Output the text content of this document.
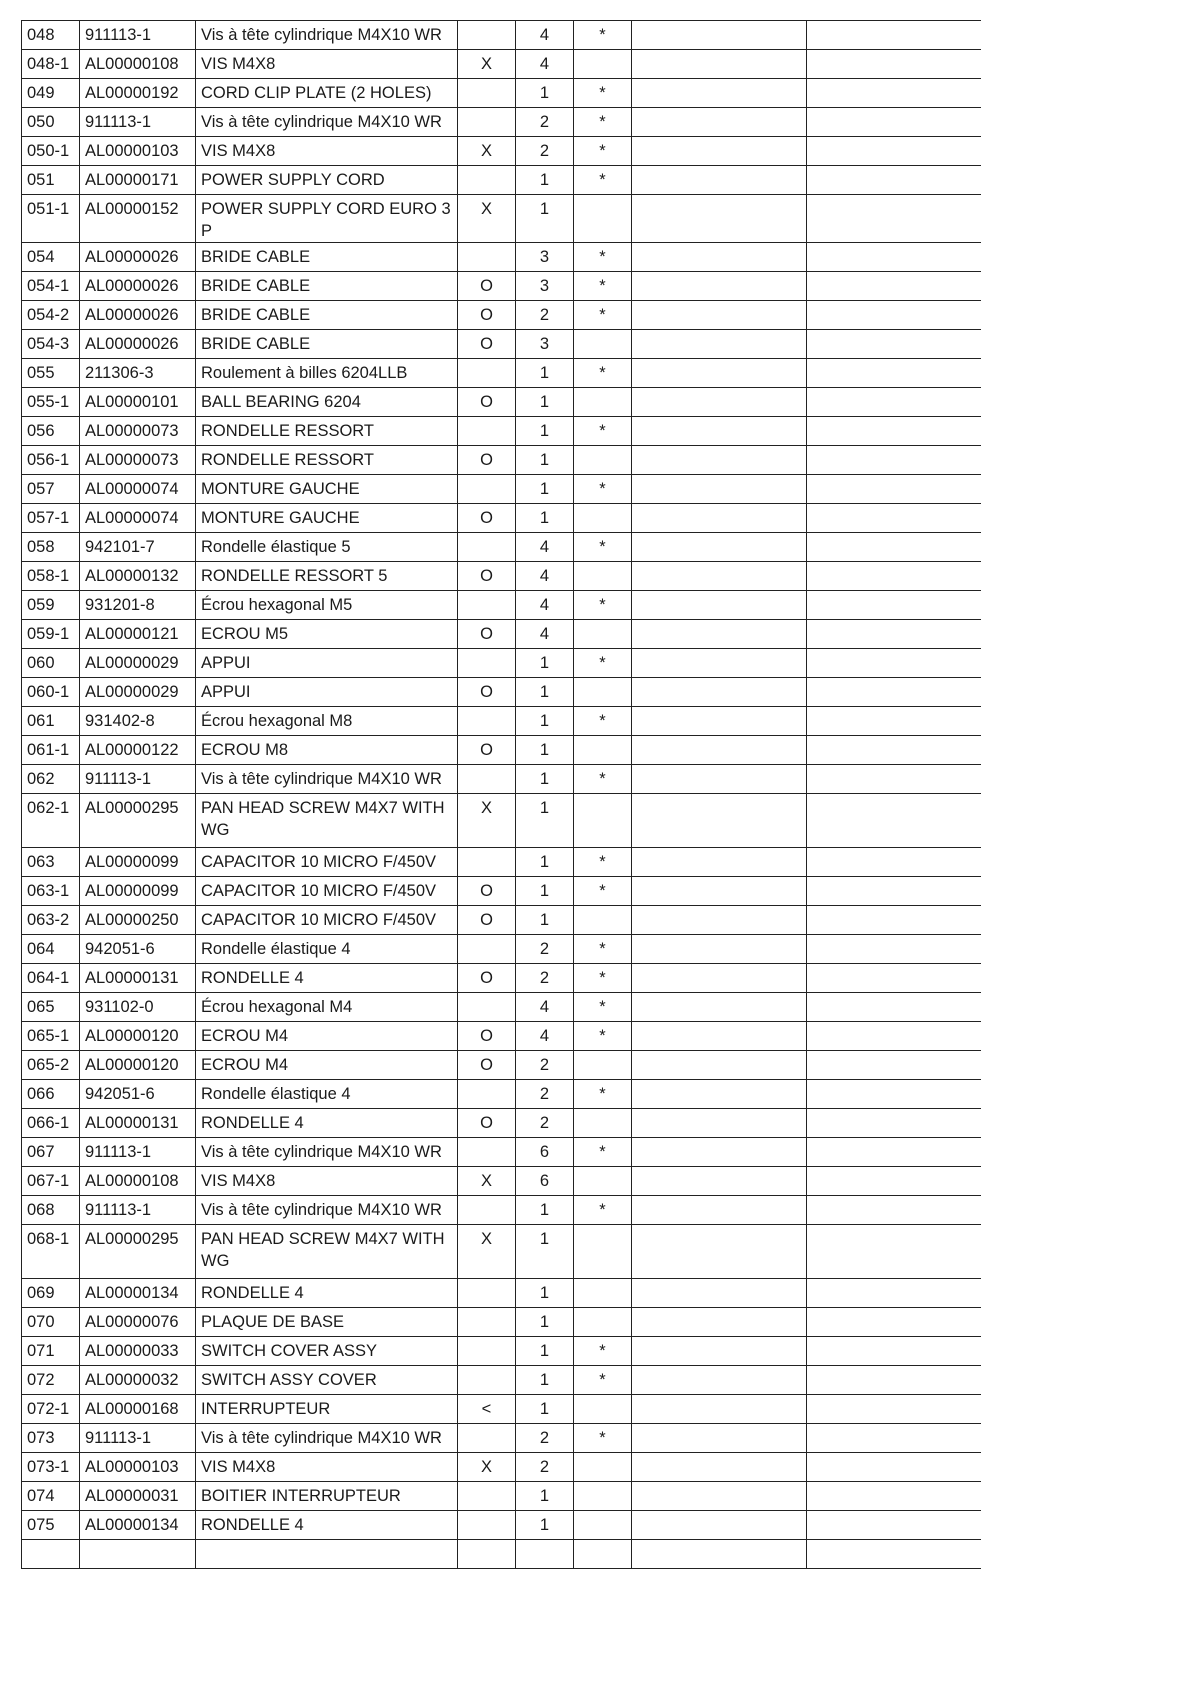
048	911113-1	Vis à tête cylindrique M4X10 WR		4	*		
048-1	AL00000108	VIS M4X8	X	4			
049	AL00000192	CORD CLIP PLATE (2 HOLES)		1	*		
050	911113-1	Vis à tête cylindrique M4X10 WR		2	*		
050-1	AL00000103	VIS M4X8	X	2	*		
051	AL00000171	POWER SUPPLY CORD		1	*		
051-1	AL00000152	POWER SUPPLY CORD EURO 3P	X	1			
054	AL00000026	BRIDE CABLE		3	*		
054-1	AL00000026	BRIDE CABLE	O	3	*		
054-2	AL00000026	BRIDE CABLE	O	2	*		
054-3	AL00000026	BRIDE CABLE	O	3			
055	211306-3	Roulement à billes 6204LLB		1	*		
055-1	AL00000101	BALL BEARING 6204	O	1			
056	AL00000073	RONDELLE RESSORT		1	*		
056-1	AL00000073	RONDELLE RESSORT	O	1			
057	AL00000074	MONTURE GAUCHE		1	*		
057-1	AL00000074	MONTURE GAUCHE	O	1			
058	942101-7	Rondelle élastique 5		4	*		
058-1	AL00000132	RONDELLE RESSORT 5	O	4			
059	931201-8	Écrou hexagonal M5		4	*		
059-1	AL00000121	ECROU M5	O	4			
060	AL00000029	APPUI		1	*		
060-1	AL00000029	APPUI	O	1			
061	931402-8	Écrou hexagonal M8		1	*		
061-1	AL00000122	ECROU M8	O	1			
062	911113-1	Vis à tête cylindrique M4X10 WR		1	*		
062-1	AL00000295	PAN HEAD SCREW M4X7 WITH WG	X	1			
063	AL00000099	CAPACITOR 10 MICRO F/450V		1	*		
063-1	AL00000099	CAPACITOR 10 MICRO F/450V	O	1	*		
063-2	AL00000250	CAPACITOR 10 MICRO F/450V	O	1			
064	942051-6	Rondelle élastique 4		2	*		
064-1	AL00000131	RONDELLE 4	O	2	*		
065	931102-0	Écrou hexagonal M4		4	*		
065-1	AL00000120	ECROU M4	O	4	*		
065-2	AL00000120	ECROU M4	O	2			
066	942051-6	Rondelle élastique 4		2	*		
066-1	AL00000131	RONDELLE 4	O	2			
067	911113-1	Vis à tête cylindrique M4X10 WR		6	*		
067-1	AL00000108	VIS M4X8	X	6			
068	911113-1	Vis à tête cylindrique M4X10 WR		1	*		
068-1	AL00000295	PAN HEAD SCREW M4X7 WITH WG	X	1			
069	AL00000134	RONDELLE 4		1			
070	AL00000076	PLAQUE DE BASE		1			
071	AL00000033	SWITCH COVER ASSY		1	*		
072	AL00000032	SWITCH ASSY COVER		1	*		
072-1	AL00000168	INTERRUPTEUR	<	1			
073	911113-1	Vis à tête cylindrique M4X10 WR		2	*		
073-1	AL00000103	VIS M4X8	X	2			
074	AL00000031	BOITIER INTERRUPTEUR		1			
075	AL00000134	RONDELLE 4		1			
